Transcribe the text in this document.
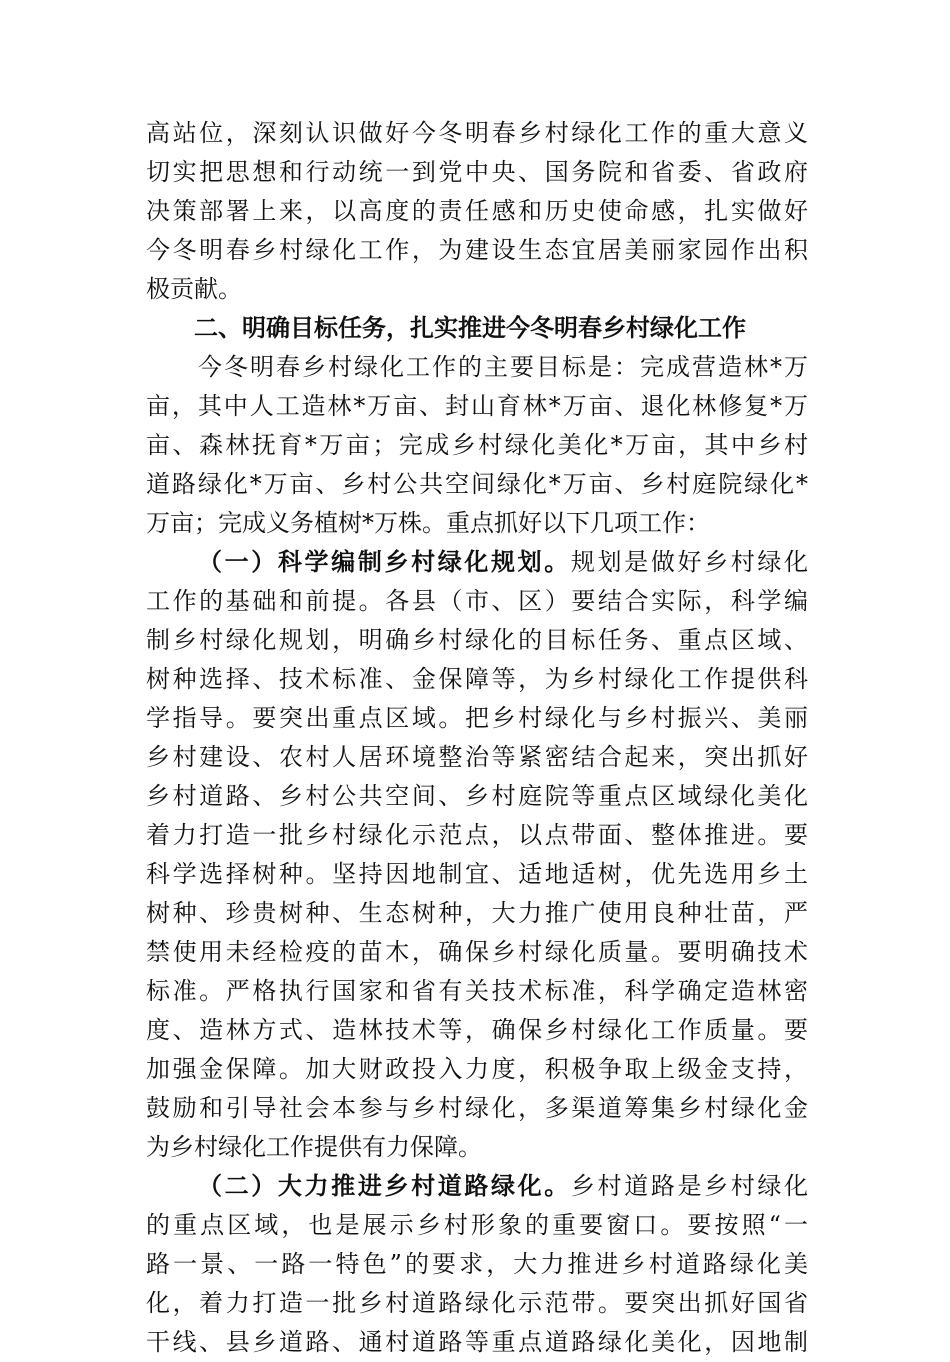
高站位，深刻认识做好今冬明春乡村绿化工作的重大意义
切实把思想和行动统一到党中央、国务院和省委、省政府
决策部署上来，以高度的责任感和历史使命感，扎实做好
今冬明春乡村绿化工作，为建设生态宜居美丽家园作出积
极贡献。
二、明确目标任务，扎实推进今冬明春乡村绿化工作
今冬明春乡村绿化工作的主要目标是：完成营造林*万
亩，其中人工造林*万亩、封山育林*万亩、退化林修复*万
亩、森林抚育*万亩；完成乡村绿化美化*万亩，其中乡村
道路绿化*万亩、乡村公共空间绿化*万亩、乡村庭院绿化*
万亩；完成义务植树*万株。重点抓好以下几项工作：
（一）科学编制乡村绿化规划。规划是做好乡村绿化
工作的基础和前提。各县（市、区）要结合实际，科学编
制乡村绿化规划，明确乡村绿化的目标任务、重点区域、
树种选择、技术标准、金保障等，为乡村绿化工作提供科
学指导。要突出重点区域。把乡村绿化与乡村振兴、美丽
乡村建设、农村人居环境整治等紧密结合起来，突出抓好
乡村道路、乡村公共空间、乡村庭院等重点区域绿化美化
着力打造一批乡村绿化示范点，以点带面、整体推进。要
科学选择树种。坚持因地制宜、适地适树，优先选用乡土
树种、珍贵树种、生态树种，大力推广使用良种壮苗，严
禁使用未经检疫的苗木，确保乡村绿化质量。要明确技术
标准。严格执行国家和省有关技术标准，科学确定造林密
度、造林方式、造林技术等，确保乡村绿化工作质量。要
加强金保障。加大财政投入力度，积极争取上级金支持，
鼓励和引导社会本参与乡村绿化，多渠道筹集乡村绿化金
为乡村绿化工作提供有力保障。
（二）大力推进乡村道路绿化。乡村道路是乡村绿化
的重点区域，也是展示乡村形象的重要窗口。要按照“一
路一景、一路一特色”的要求，大力推进乡村道路绿化美
化，着力打造一批乡村道路绿化示范带。要突出抓好国省
干线、县乡道路、通村道路等重点道路绿化美化，因地制
